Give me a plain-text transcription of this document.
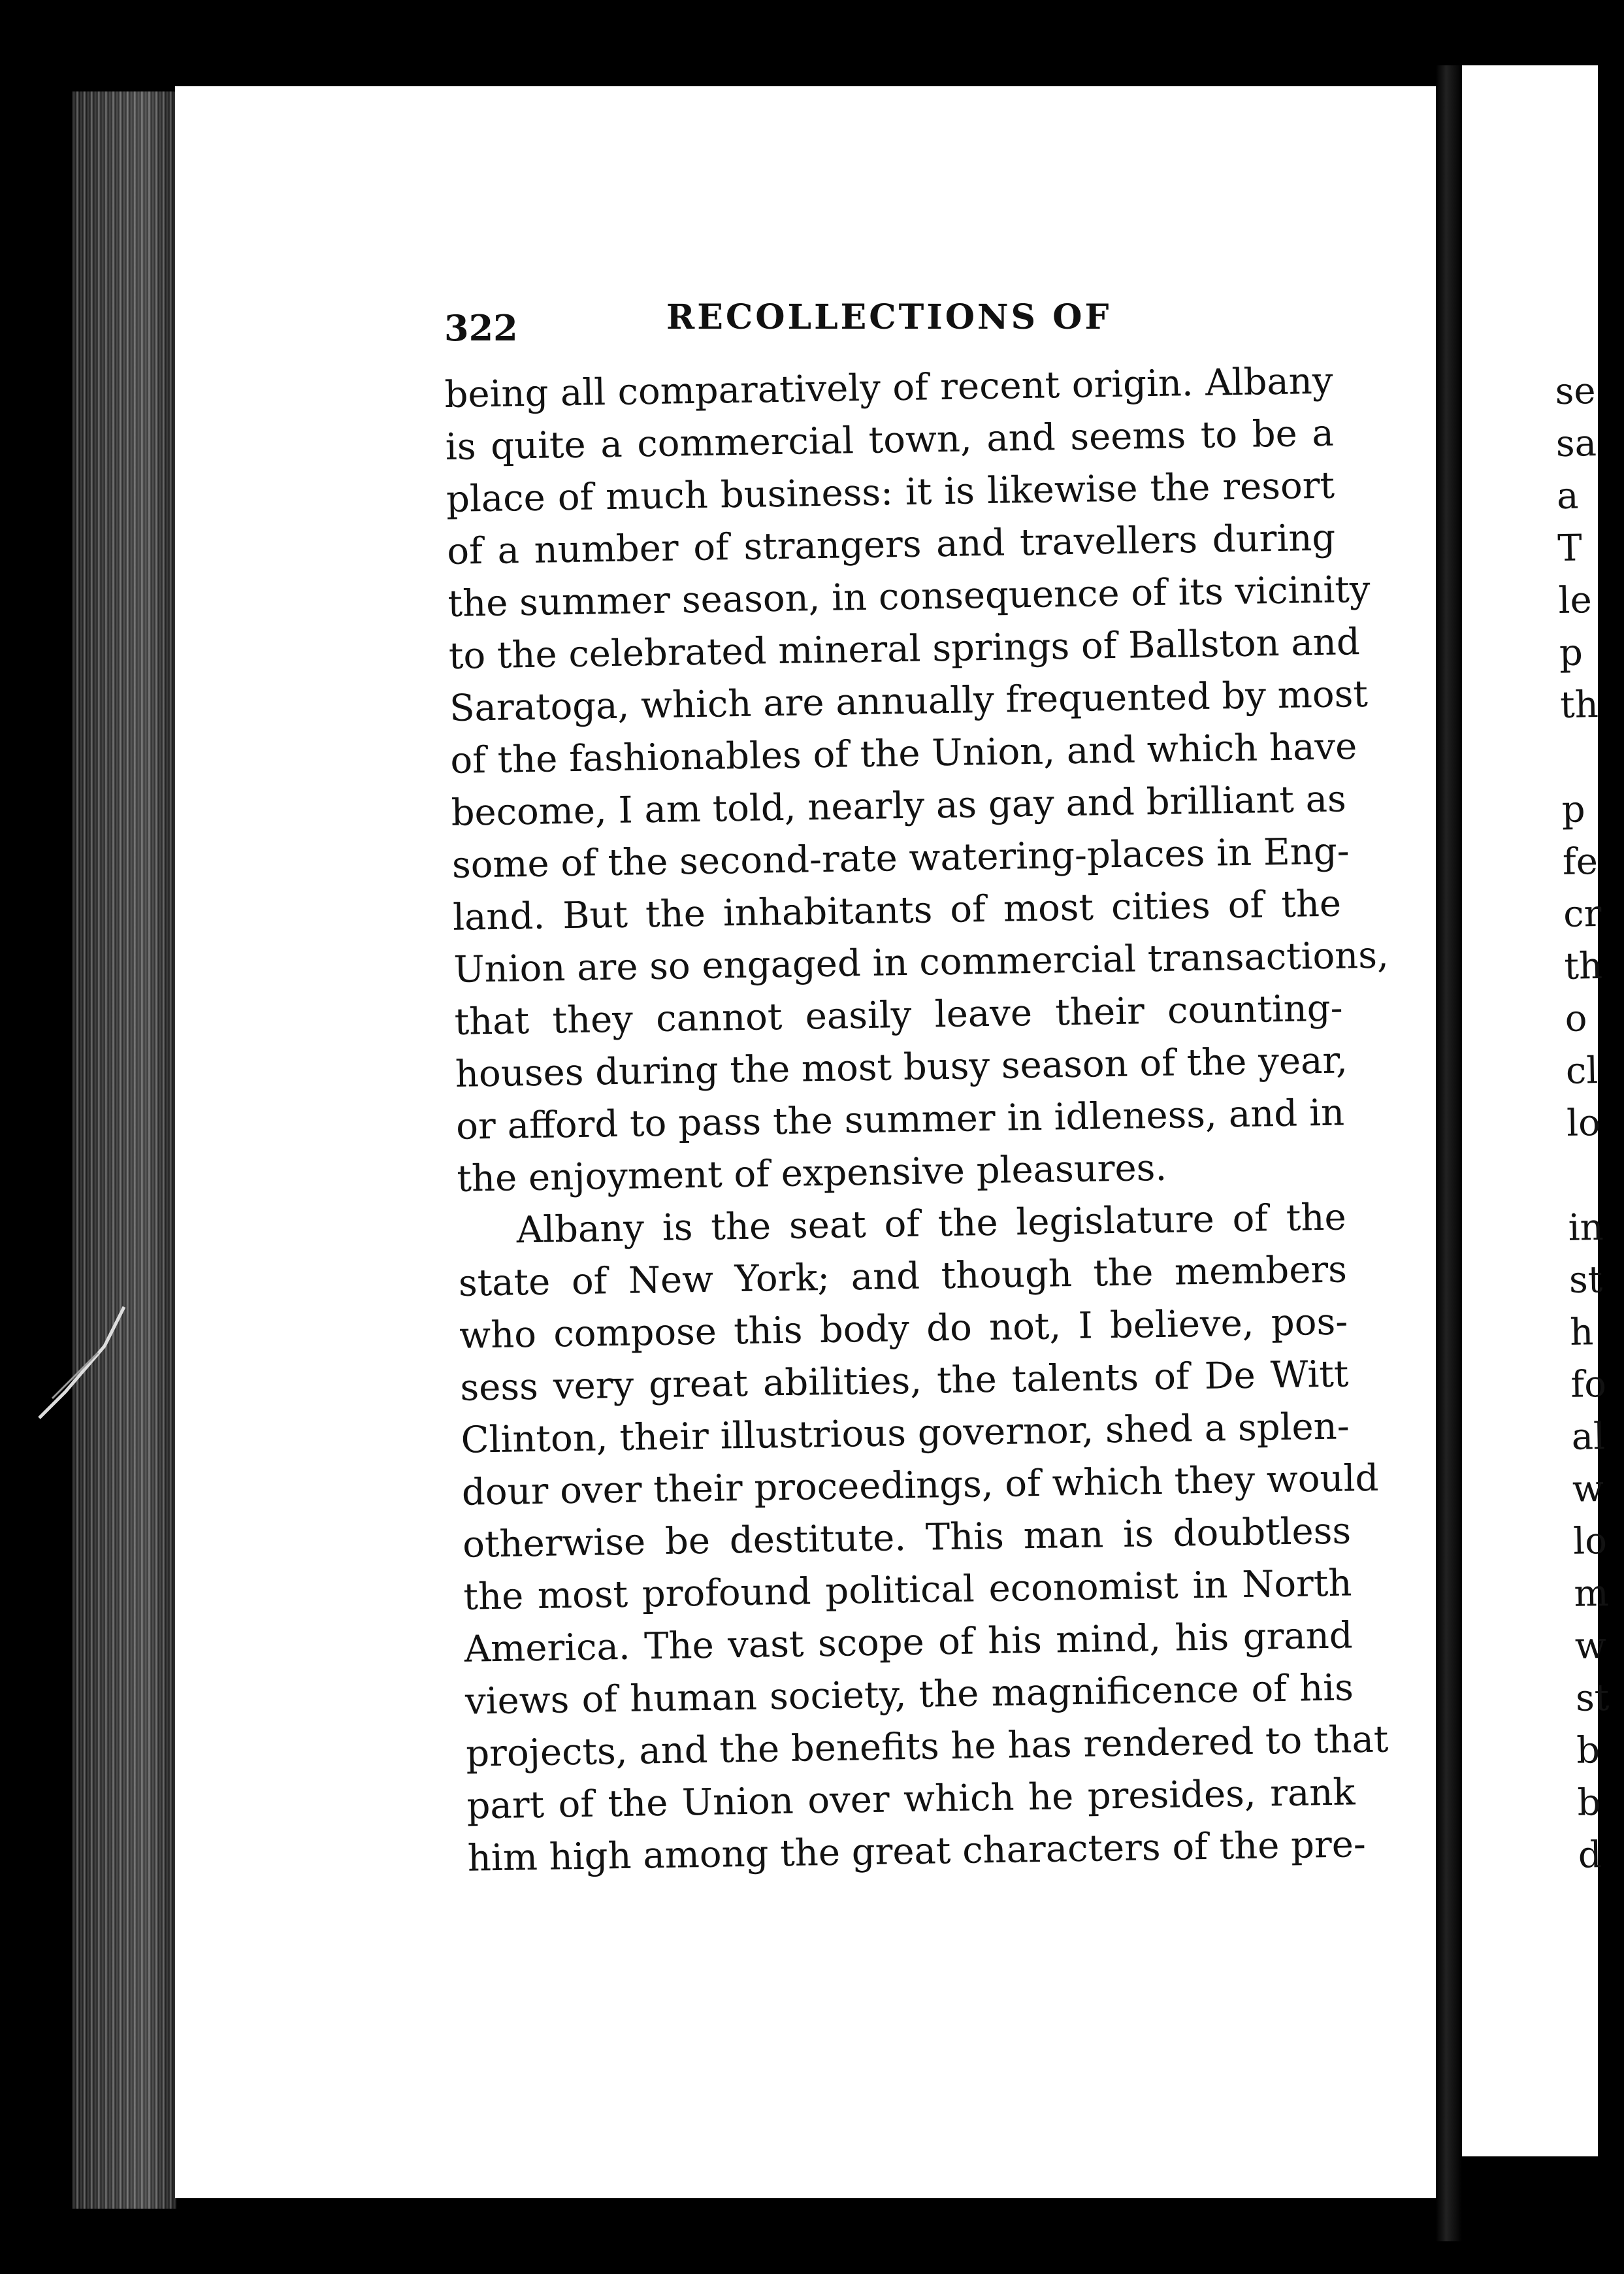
322	RECOLLECTIONS OF
being all comparatively of recent origin. Albany
is quite a commercial town, and seems to be a
place of much business: it is likewise the resort
of a number of strangers and travellers during
the summer season, in consequence of its vicinity
to the celebrated mineral springs of Ballston and
Saratoga, which are annually frequented by most
of the fashionables of the Union, and which have
become, I am told, nearly as gay and brilliant as
some of the second-rate watering-places in Eng-
land. But the inhabitants of most cities of the
Union are so engaged in commercial transactions,
that they cannot easily leave their counting-
houses during the most busy season of the year,
or afford to pass the summer in idleness, and in
the enjoyment of expensive pleasures.
Albany is the seat of the legislature of the
state of New York; and though the members
who compose this body do not, I believe, pos-
sess very great abilities, the talents of De Witt
Clinton, their illustrious governor, shed a splen-
dour over their proceedings, of which they would
otherwise be destitute. This man is doubtless
the most profound political economist in North
America. The vast scope of his mind, his grand
views of human society, the magnificence of his
projects, and the benefits he has rendered to that
part of the Union over which he presides, rank
him high among the great characters of the pre-
se
sa
a
T
le
p
th
p
fe
cr
th
o
cl
lo
in
st
h
fo
al
w
lo
m
w
st
b
b
d
